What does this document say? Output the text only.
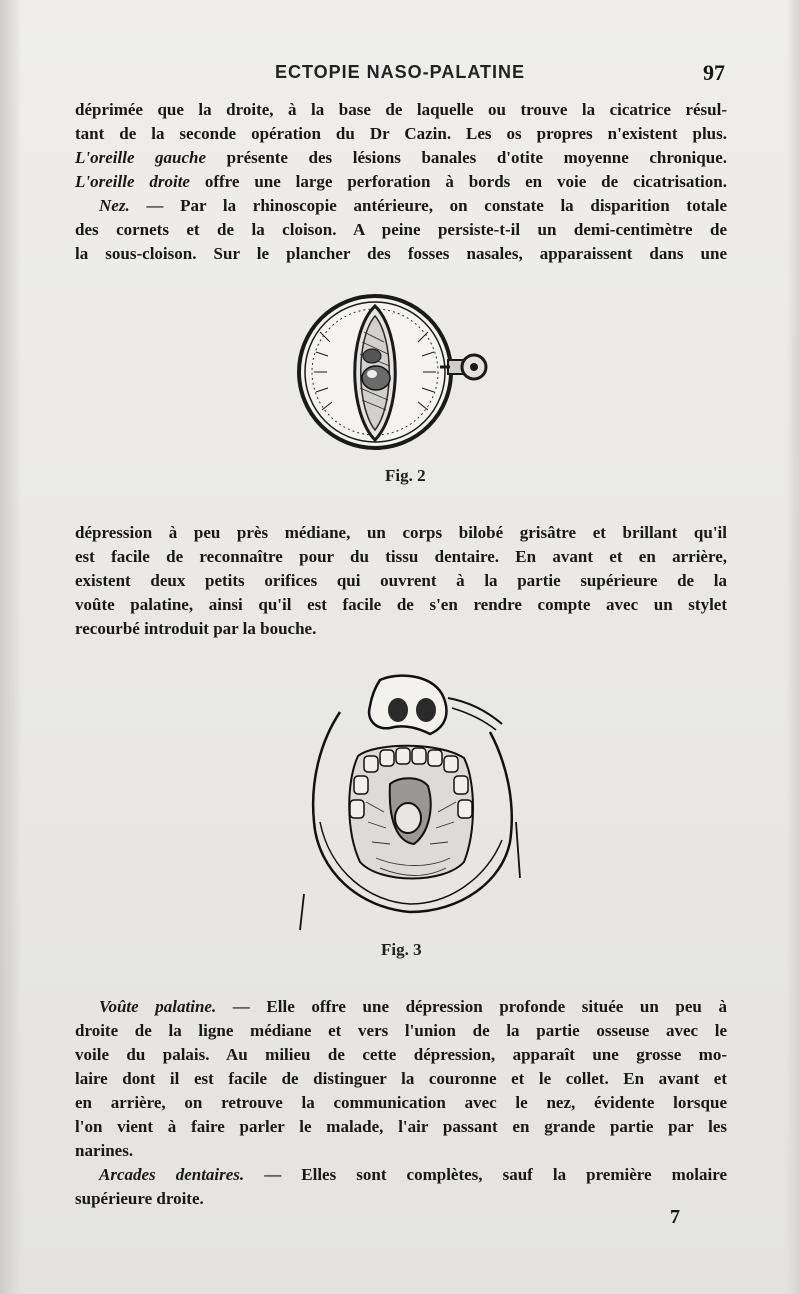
ECTOPIE NASO-PALATINE	97
déprimée que la droite, à la base de laquelle ou trouve la cicatrice résul-
tant de la seconde opération du Dr Cazin. Les os propres n'existent plus.
L'oreille gauche présente des lésions banales d'otite moyenne chronique.
L'oreille droite offre une large perforation à bords en voie de cicatrisation.
Nez. — Par la rhinoscopie antérieure, on constate la disparition totale
des cornets et de la cloison. A peine persiste-t-il un demi-centimètre de
la sous-cloison. Sur le plancher des fosses nasales, apparaissent dans une
Fig. 2
dépression à peu près médiane, un corps bilobé grisâtre et brillant qu'il
est facile de reconnaître pour du tissu dentaire. En avant et en arrière,
existent deux petits orifices qui ouvrent à la partie supérieure de la
voûte palatine, ainsi qu'il est facile de s'en rendre compte avec un stylet
recourbé introduit par la bouche.
Fig. 3
Voûte palatine. — Elle offre une dépression profonde située un peu à
droite de la ligne médiane et vers l'union de la partie osseuse avec le
voile du palais. Au milieu de cette dépression, apparaît une grosse mo-
laire dont il est facile de distinguer la couronne et le collet. En avant et
en arrière, on retrouve la communication avec le nez, évidente lorsque
l'on vient à faire parler le malade, l'air passant en grande partie par les
narines.
Arcades dentaires. — Elles sont complètes, sauf la première molaire
supérieure droite.
7
